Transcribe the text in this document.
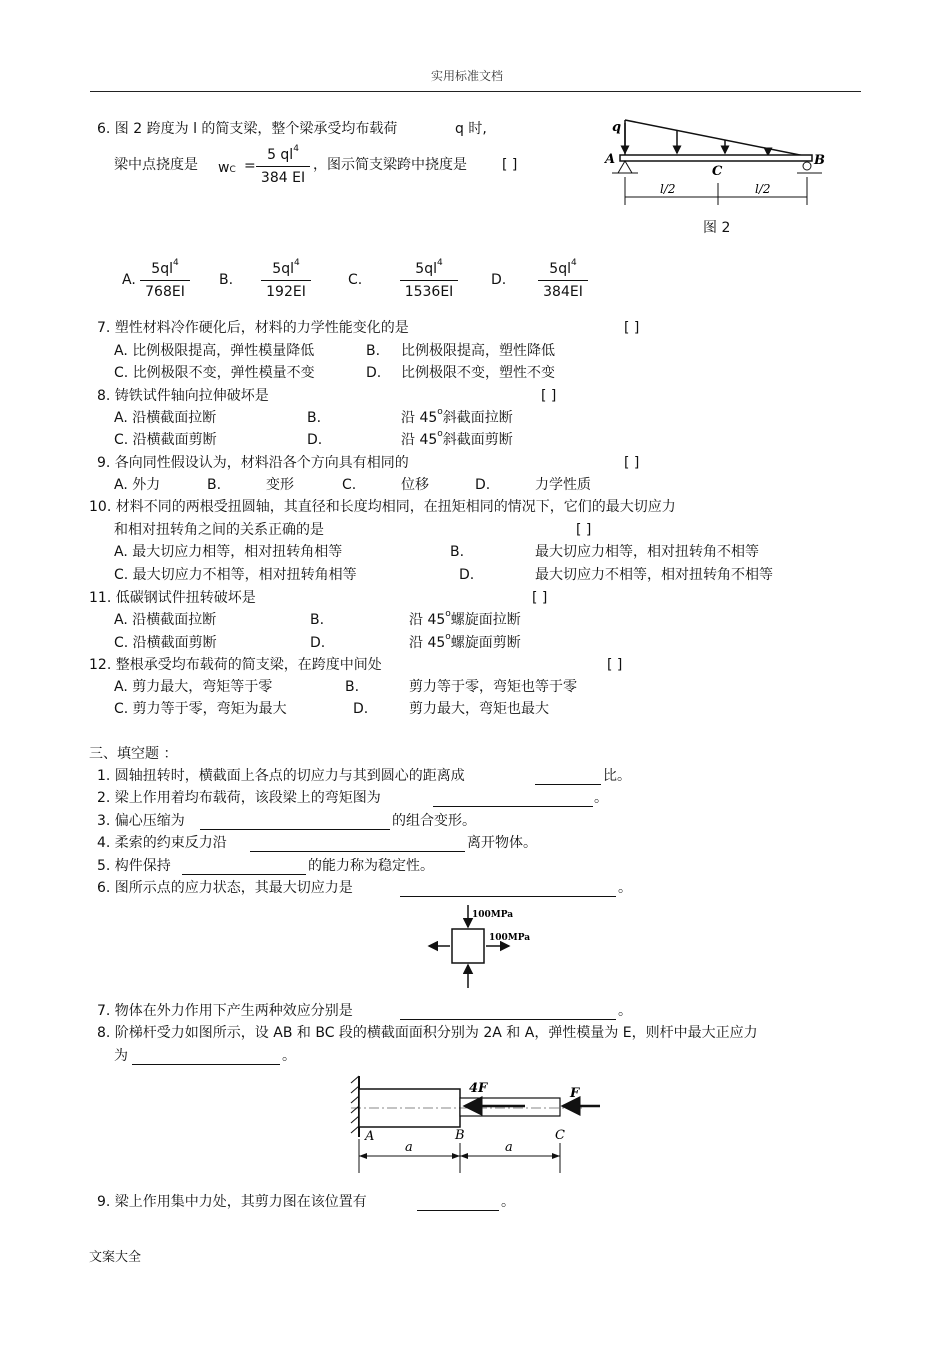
实用标准文档
6. 图 2 跨度为 l 的简支梁，整个梁承受均布载荷	q 时,
梁中点挠度是 wC =
5 $ql^4$
384 EI
，图示简支梁跨中挠度是	[ ]
q
A	B
C
l/2	l/2
图 2
A.
$5ql^4$
768EI
B.
$5ql^4$
192EI
C.
$5ql^4$
1536EI
D.
$5ql^4$
384EI
7. 塑性材料冷作硬化后，材料的力学性能变化的是	[ ]
A. 比例极限提高，弹性模量降低	B. 比例极限提高，塑性降低
C. 比例极限不变，弹性模量不变	D. 比例极限不变，塑性不变
8. 铸铁试件轴向拉伸破坏是	[ ]
A. 沿横截面拉断	B.	沿 45$^o$斜截面拉断
C. 沿横截面剪断	D.	沿 45$^o$斜截面剪断
9. 各向同性假设认为，材料沿各个方向具有相同的	[ ]
A. 外力	B.	变形	C.	位移	D.	力学性质
10. 材料不同的两根受扭圆轴，其直径和长度均相同，在扭矩相同的情况下，它们的最大切应力
和相对扭转角之间的关系正确的是	[ ]
A. 最大切应力相等，相对扭转角相等	B.	最大切应力相等，相对扭转角不相等
C. 最大切应力不相等，相对扭转角相等	D.	最大切应力不相等，相对扭转角不相等
11. 低碳钢试件扭转破坏是	[ ]
A. 沿横截面拉断	B.	沿 45$^o$螺旋面拉断
C. 沿横截面剪断	D.	沿 45$^o$螺旋面剪断
12. 整根承受均布载荷的简支梁，在跨度中间处	[ ]
A. 剪力最大，弯矩等于零	B.	剪力等于零，弯矩也等于零
C. 剪力等于零，弯矩为最大	D.	剪力最大，弯矩也最大
三、填空题 ：
1. 圆轴扭转时，横截面上各点的切应力与其到圆心的距离成	比。
2. 梁上作用着均布载荷，该段梁上的弯矩图为	。
3. 偏心压缩为	的组合变形。
4. 柔索的约束反力沿	离开物体。
5. 构件保持	的能力称为稳定性。
6. 图所示点的应力状态，其最大切应力是	。
100MPa
100MPa
7. 物体在外力作用下产生两种效应分别是	。
8. 阶梯杆受力如图所示，设 AB 和 BC 段的横截面面积分别为 2A 和 A，弹性模量为 E，则杆中最大正应力
为	。
4F	F
A	B	C
a	a
9. 梁上作用集中力处，其剪力图在该位置有	。
文案大全
